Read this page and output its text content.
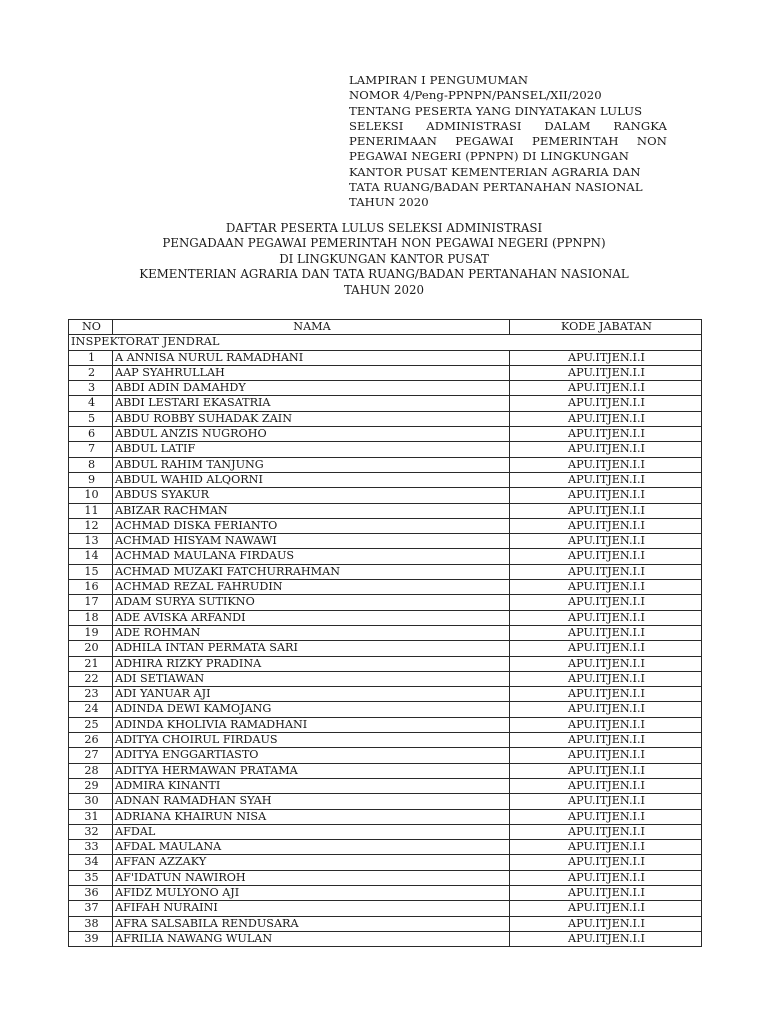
LAMPIRAN I PENGUMUMAN
NOMOR 4/Peng-PPNPN/PANSEL/XII/2020
TENTANG PESERTA YANG DINYATAKAN LULUS
SELEKSI ADMINISTRASI DALAM RANGKA
PENERIMAAN PEGAWAI PEMERINTAH NON
PEGAWAI NEGERI (PPNPN) DI LINGKUNGAN
KANTOR PUSAT KEMENTERIAN AGRARIA DAN
TATA RUANG/BADAN PERTANAHAN NASIONAL
TAHUN 2020
DAFTAR PESERTA LULUS SELEKSI ADMINISTRASI
PENGADAAN PEGAWAI PEMERINTAH NON PEGAWAI NEGERI (PPNPN)
DI LINGKUNGAN KANTOR PUSAT
KEMENTERIAN AGRARIA DAN TATA RUANG/BADAN PERTANAHAN NASIONAL
TAHUN 2020
NO	NAMA	KODE JABATAN
INSPEKTORAT JENDRAL		
1	A ANNISA NURUL RAMADHANI	APU.ITJEN.I.I
2	AAP SYAHRULLAH	APU.ITJEN.I.I
3	ABDI ADIN DAMAHDY	APU.ITJEN.I.I
4	ABDI LESTARI EKASATRIA	APU.ITJEN.I.I
5	ABDU ROBBY SUHADAK ZAIN	APU.ITJEN.I.I
6	ABDUL ANZIS NUGROHO	APU.ITJEN.I.I
7	ABDUL LATIF	APU.ITJEN.I.I
8	ABDUL RAHIM TANJUNG	APU.ITJEN.I.I
9	ABDUL WAHID ALQORNI	APU.ITJEN.I.I
10	ABDUS SYAKUR	APU.ITJEN.I.I
11	ABIZAR RACHMAN	APU.ITJEN.I.I
12	ACHMAD DISKA FERIANTO	APU.ITJEN.I.I
13	ACHMAD HISYAM NAWAWI	APU.ITJEN.I.I
14	ACHMAD MAULANA FIRDAUS	APU.ITJEN.I.I
15	ACHMAD MUZAKI FATCHURRAHMAN	APU.ITJEN.I.I
16	ACHMAD REZAL FAHRUDIN	APU.ITJEN.I.I
17	ADAM SURYA SUTIKNO	APU.ITJEN.I.I
18	ADE AVISKA ARFANDI	APU.ITJEN.I.I
19	ADE ROHMAN	APU.ITJEN.I.I
20	ADHILA INTAN PERMATA SARI	APU.ITJEN.I.I
21	ADHIRA RIZKY PRADINA	APU.ITJEN.I.I
22	ADI SETIAWAN	APU.ITJEN.I.I
23	ADI YANUAR AJI	APU.ITJEN.I.I
24	ADINDA DEWI KAMOJANG	APU.ITJEN.I.I
25	ADINDA KHOLIVIA RAMADHANI	APU.ITJEN.I.I
26	ADITYA CHOIRUL FIRDAUS	APU.ITJEN.I.I
27	ADITYA ENGGARTIASTO	APU.ITJEN.I.I
28	ADITYA HERMAWAN PRATAMA	APU.ITJEN.I.I
29	ADMIRA KINANTI	APU.ITJEN.I.I
30	ADNAN RAMADHAN SYAH	APU.ITJEN.I.I
31	ADRIANA KHAIRUN NISA	APU.ITJEN.I.I
32	AFDAL	APU.ITJEN.I.I
33	AFDAL MAULANA	APU.ITJEN.I.I
34	AFFAN AZZAKY	APU.ITJEN.I.I
35	AF'IDATUN NAWIROH	APU.ITJEN.I.I
36	AFIDZ MULYONO AJI	APU.ITJEN.I.I
37	AFIFAH NURAINI	APU.ITJEN.I.I
38	AFRA SALSABILA RENDUSARA	APU.ITJEN.I.I
39	AFRILIA NAWANG WULAN	APU.ITJEN.I.I
